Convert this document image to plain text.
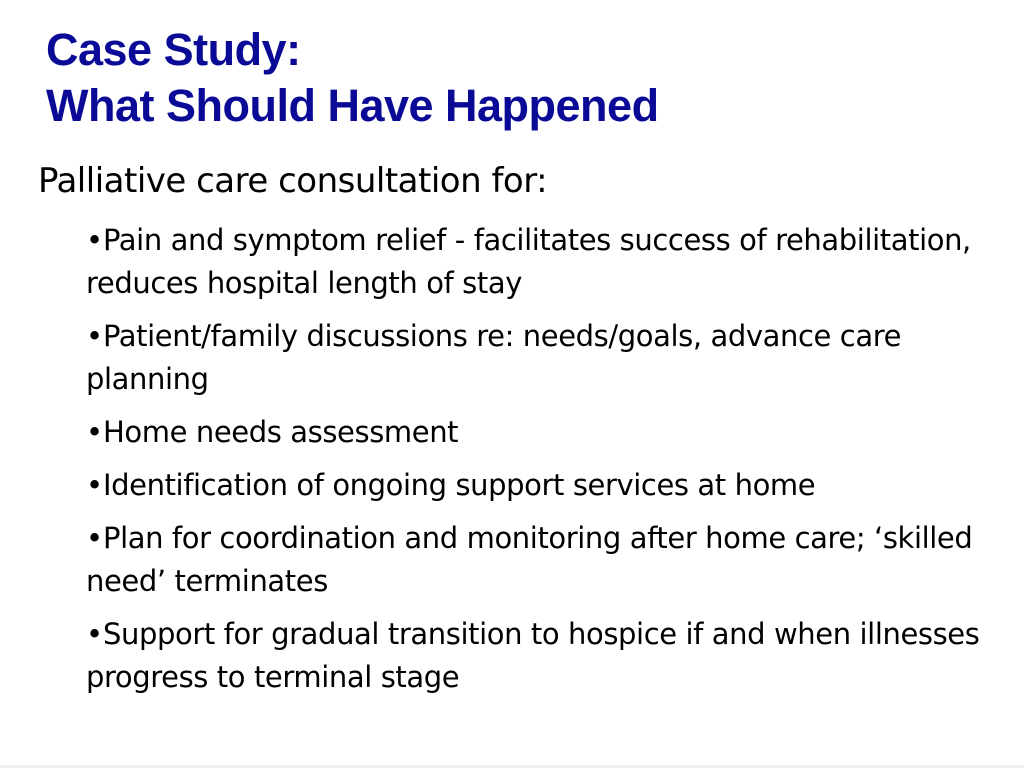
Case Study:
What Should Have Happened

Palliative care consultation for:

•Pain and symptom relief - facilitates success of rehabilitation, reduces hospital length of stay
•Patient/family discussions re: needs/goals, advance care planning
•Home needs assessment
•Identification of ongoing support services at home
•Plan for coordination and monitoring after home care; ‘skilled need’ terminates
•Support for gradual transition to hospice if and when illnesses progress to terminal stage
